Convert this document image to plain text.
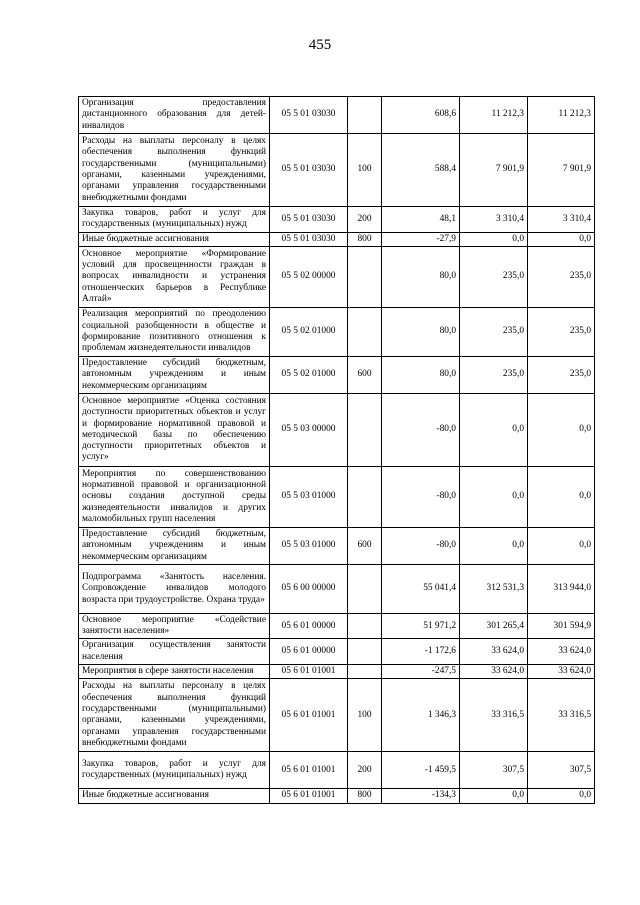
455
Организация предоставления дистанционного образования для детей-инвалидов	05 5 01 03030		608,6	11 212,3	11 212,3
Расходы на выплаты персоналу в целях обеспечения выполнения функций государственными (муниципальными) органами, казенными учреждениями, органами управления государственными внебюджетными фондами	05 5 01 03030	100	588,4	7 901,9	7 901,9
Закупка товаров, работ и услуг для государственных (муниципальных) нужд	05 5 01 03030	200	48,1	3 310,4	3 310,4
Иные бюджетные ассигнования	05 5 01 03030	800	-27,9	0,0	0,0
Основное мероприятие «Формирование условий для просвещенности граждан в вопросах инвалидности и устранения отношенческих барьеров в Республике Алтай»	05 5 02 00000		80,0	235,0	235,0
Реализация мероприятий по преодолению социальной разобщенности в обществе и формирование позитивного отношения к проблемам жизнедеятельности инвалидов	05 5 02 01000		80,0	235,0	235,0
Предоставление субсидий бюджетным, автономным учреждениям и иным некоммерческим организациям	05 5 02 01000	600	80,0	235,0	235,0
Основное мероприятие «Оценка состояния доступности приоритетных объектов и услуг и формирование нормативной правовой и методической базы по обеспечению доступности приоритетных объектов и услуг»	05 5 03 00000		-80,0	0,0	0,0
Мероприятия по совершенствованию нормативной правовой и организационной основы создания доступной среды жизнедеятельности инвалидов и других маломобильных групп населения	05 5 03 01000		-80,0	0,0	0,0
Предоставление субсидий бюджетным, автономным учреждениям и иным некоммерческим организациям	05 5 03 01000	600	-80,0	0,0	0,0
Подпрограмма «Занятость населения. Сопровождение инвалидов молодого возраста при трудоустройстве. Охрана труда»	05 6 00 00000		55 041,4	312 531,3	313 944,0
Основное мероприятие «Содействие занятости населения»	05 6 01 00000		51 971,2	301 265,4	301 594,9
Организация осуществления занятости населения	05 6 01 00000		-1 172,6	33 624,0	33 624,0
Мероприятия в сфере занятости населения	05 6 01 01001		-247,5	33 624,0	33 624,0
Расходы на выплаты персоналу в целях обеспечения выполнения функций государственными (муниципальными) органами, казенными учреждениями, органами управления государственными внебюджетными фондами	05 6 01 01001	100	1 346,3	33 316,5	33 316,5
Закупка товаров, работ и услуг для государственных (муниципальных) нужд	05 6 01 01001	200	-1 459,5	307,5	307,5
Иные бюджетные ассигнования	05 6 01 01001	800	-134,3	0,0	0,0
